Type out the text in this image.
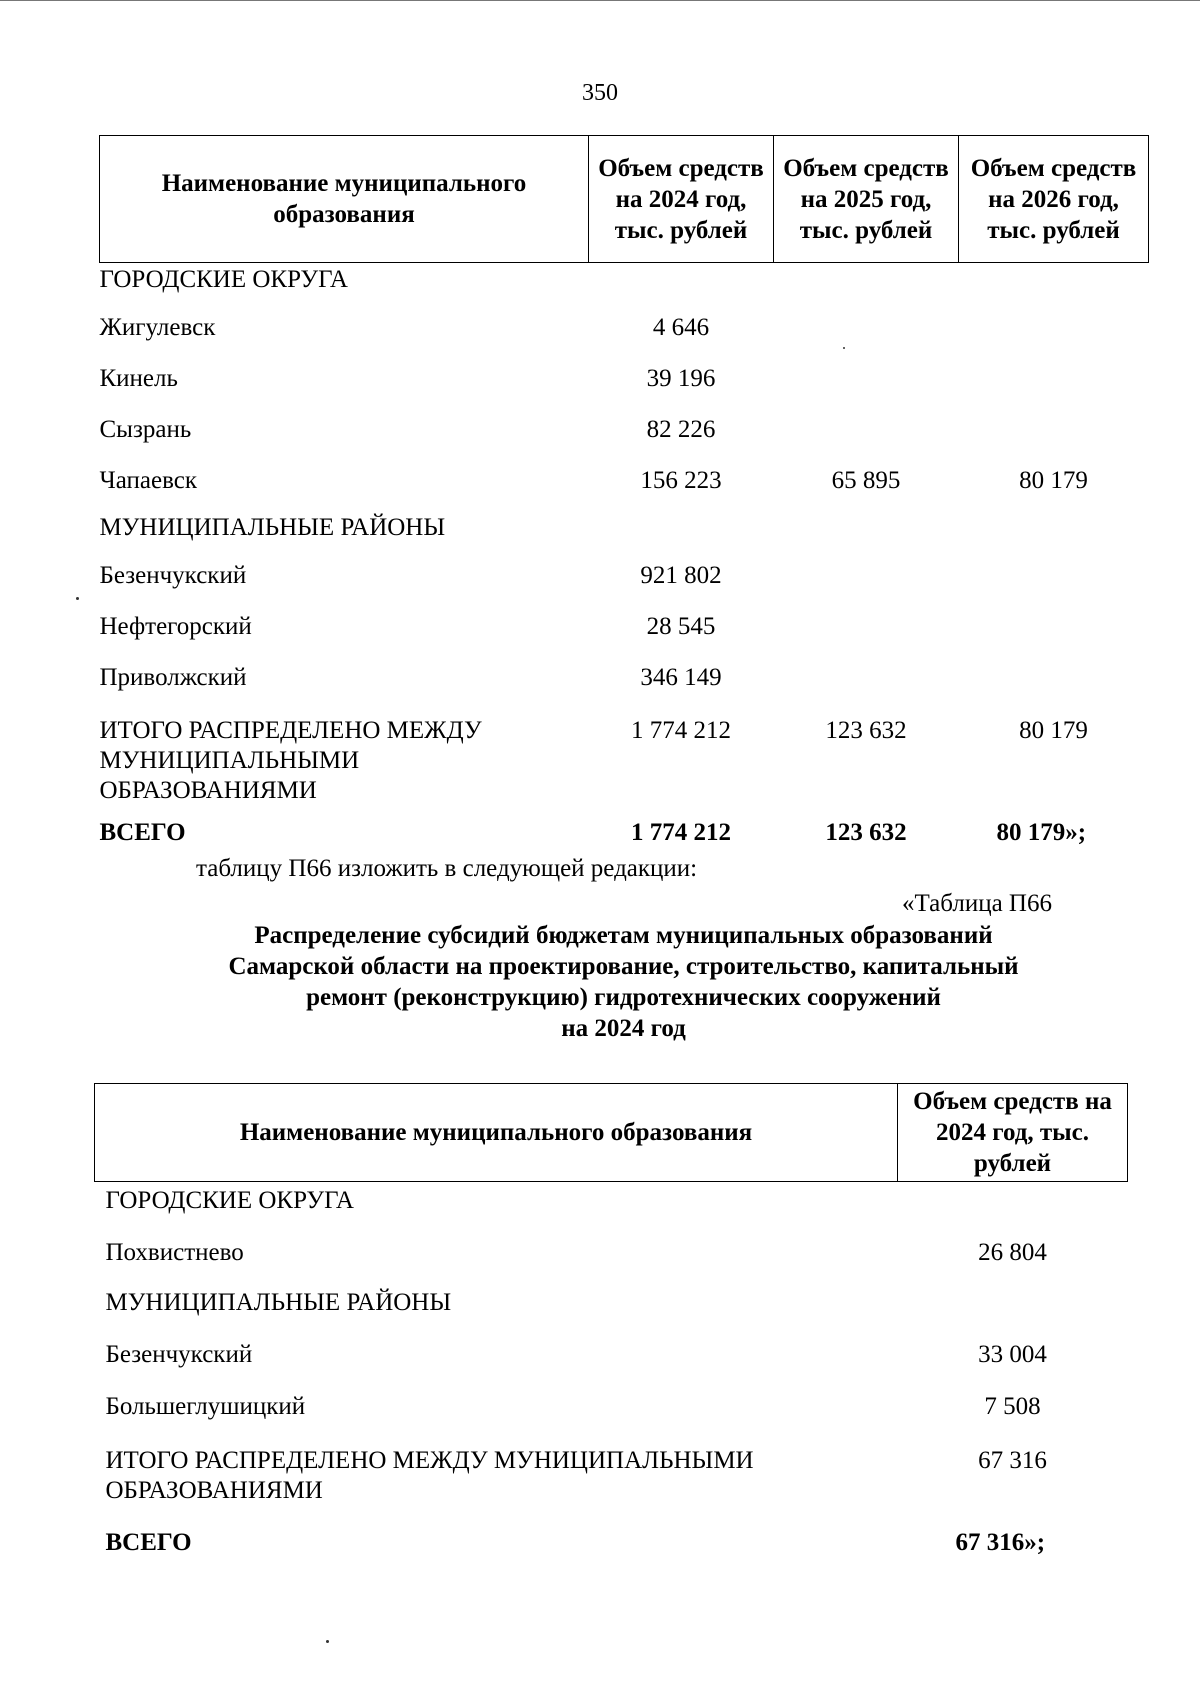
350
Наименование муниципального образования	Объем средств на 2024 год, тыс. рублей	Объем средств на 2025 год, тыс. рублей	Объем средств на 2026 год, тыс. рублей
ГОРОДСКИЕ ОКРУГА			
Жигулевск	4 646		
Кинель	39 196		
Сызрань	82 226		
Чапаевск	156 223	65 895	80 179
МУНИЦИПАЛЬНЫЕ РАЙОНЫ			
Безенчукский	921 802		
Нефтегорский	28 545		
Приволжский	346 149		
ИТОГО РАСПРЕДЕЛЕНО МЕЖДУ МУНИЦИПАЛЬНЫМИ ОБРАЗОВАНИЯМИ	1 774 212	123 632	80 179
ВСЕГО	1 774 212	123 632	80 179»;
таблицу П66 изложить в следующей редакции:
«Таблица П66
Распределение субсидий бюджетам муниципальных образований
Самарской области на проектирование, строительство, капитальный
ремонт (реконструкцию) гидротехнических сооружений
на 2024 год
Наименование муниципального образования	Объем средств на 2024 год, тыс. рублей
ГОРОДСКИЕ ОКРУГА	
Похвистнево	26 804
МУНИЦИПАЛЬНЫЕ РАЙОНЫ	
Безенчукский	33 004
Большеглушицкий	7 508
ИТОГО РАСПРЕДЕЛЕНО МЕЖДУ МУНИЦИПАЛЬНЫМИ ОБРАЗОВАНИЯМИ	67 316
ВСЕГО	67 316»;
